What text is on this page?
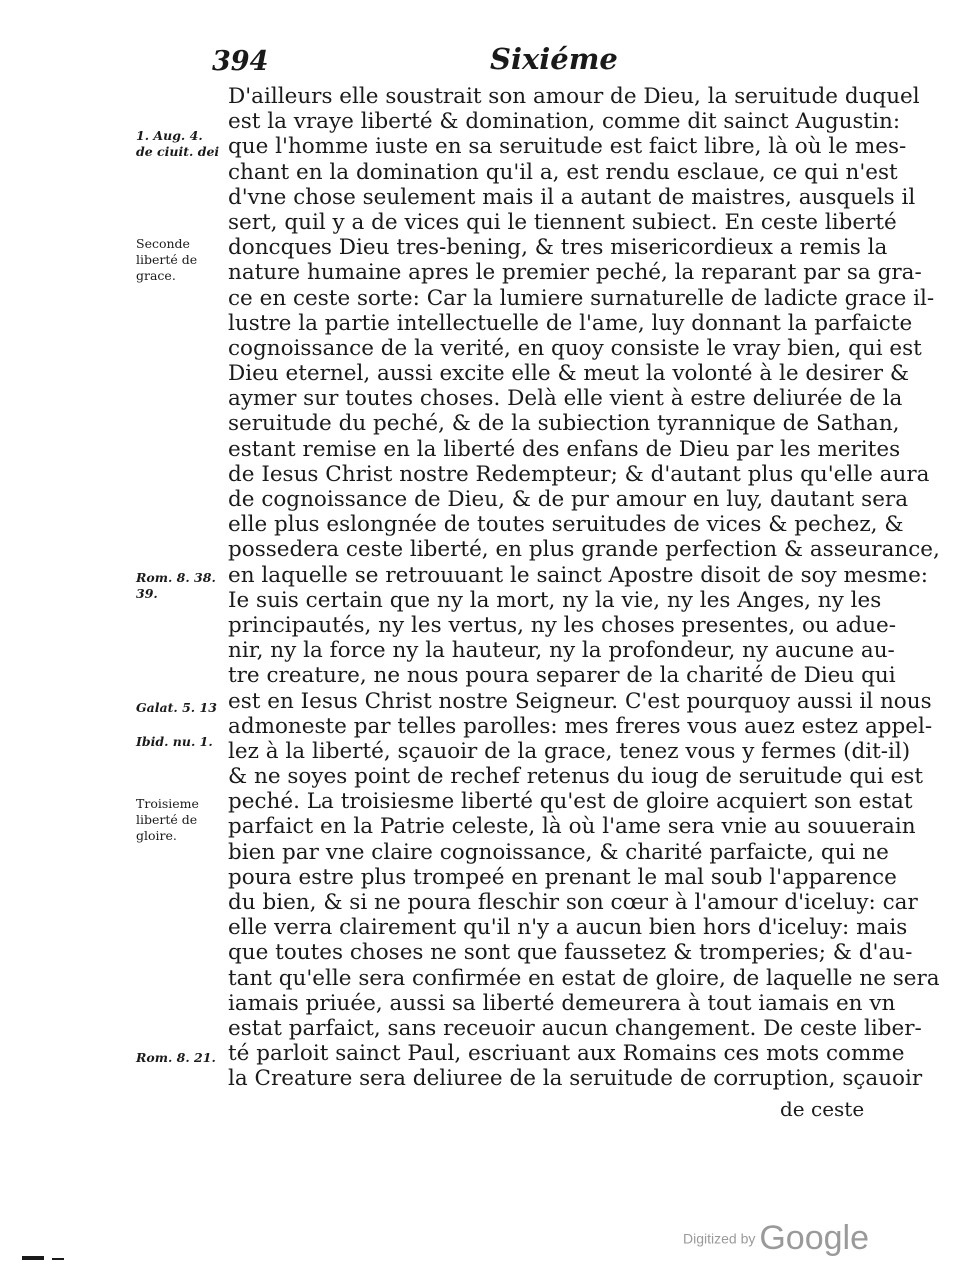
394	Sixiéme
D'ailleurs elle soustrait son amour de Dieu, la seruitude duquel
est la vraye liberté & domination, comme dit sainct Augustin:
que l'homme iuste en sa seruitude est faict libre, là où le mes-
chant en la domination qu'il a, est rendu esclaue, ce qui n'est
d'vne chose seulement mais il a autant de maistres, ausquels il
sert, quil y a de vices qui le tiennent subiect. En ceste liberté
doncques Dieu tres-bening, & tres misericordieux a remis la
nature humaine apres le premier peché, la reparant par sa gra-
ce en ceste sorte: Car la lumiere surnaturelle de ladicte grace il-
lustre la partie intellectuelle de l'ame, luy donnant la parfaicte
cognoissance de la verité, en quoy consiste le vray bien, qui est
Dieu eternel, aussi excite elle & meut la volonté à le desirer &
aymer sur toutes choses. Delà elle vient à estre deliurée de la
seruitude du peché, & de la subiection tyrannique de Sathan,
estant remise en la liberté des enfans de Dieu par les merites
de Iesus Christ nostre Redempteur; & d'autant plus qu'elle aura
de cognoissance de Dieu, & de pur amour en luy, dautant sera
elle plus eslongnée de toutes seruitudes de vices & pechez, &
possedera ceste liberté, en plus grande perfection & asseurance,
en laquelle se retrouuant le sainct Apostre disoit de soy mesme:
Ie suis certain que ny la mort, ny la vie, ny les Anges, ny les
principautés, ny les vertus, ny les choses presentes, ou adue-
nir, ny la force ny la hauteur, ny la profondeur, ny aucune au-
tre creature, ne nous poura separer de la charité de Dieu qui
est en Iesus Christ nostre Seigneur. C'est pourquoy aussi il nous
admoneste par telles parolles: mes freres vous auez estez appel-
lez à la liberté, sçauoir de la grace, tenez vous y fermes (dit-il)
& ne soyes point de rechef retenus du ioug de seruitude qui est
peché. La troisiesme liberté qu'est de gloire acquiert son estat
parfaict en la Patrie celeste, là où l'ame sera vnie au souuerain
bien par vne claire cognoissance, & charité parfaicte, qui ne
poura estre plus trompeé en prenant le mal soub l'apparence
du bien, & si ne poura fleschir son cœur à l'amour d'iceluy: car
elle verra clairement qu'il n'y a aucun bien hors d'iceluy: mais
que toutes choses ne sont que faussetez & tromperies; & d'au-
tant qu'elle sera confirmée en estat de gloire, de laquelle ne sera
iamais priuée, aussi sa liberté demeurera à tout iamais en vn
estat parfaict, sans receuoir aucun changement. De ceste liber-
té parloit sainct Paul, escriuant aux Romains ces mots comme
la Creature sera deliuree de la seruitude de corruption, sçauoir
de ceste
1. Aug. 4. de ciuit. dei
Seconde liberté de grace.
Rom. 8. 38. 39.
Galat. 5. 13
Ibid. nu. 1.
Troisieme liberté de gloire.
Rom. 8. 21.
Digitized by Google
